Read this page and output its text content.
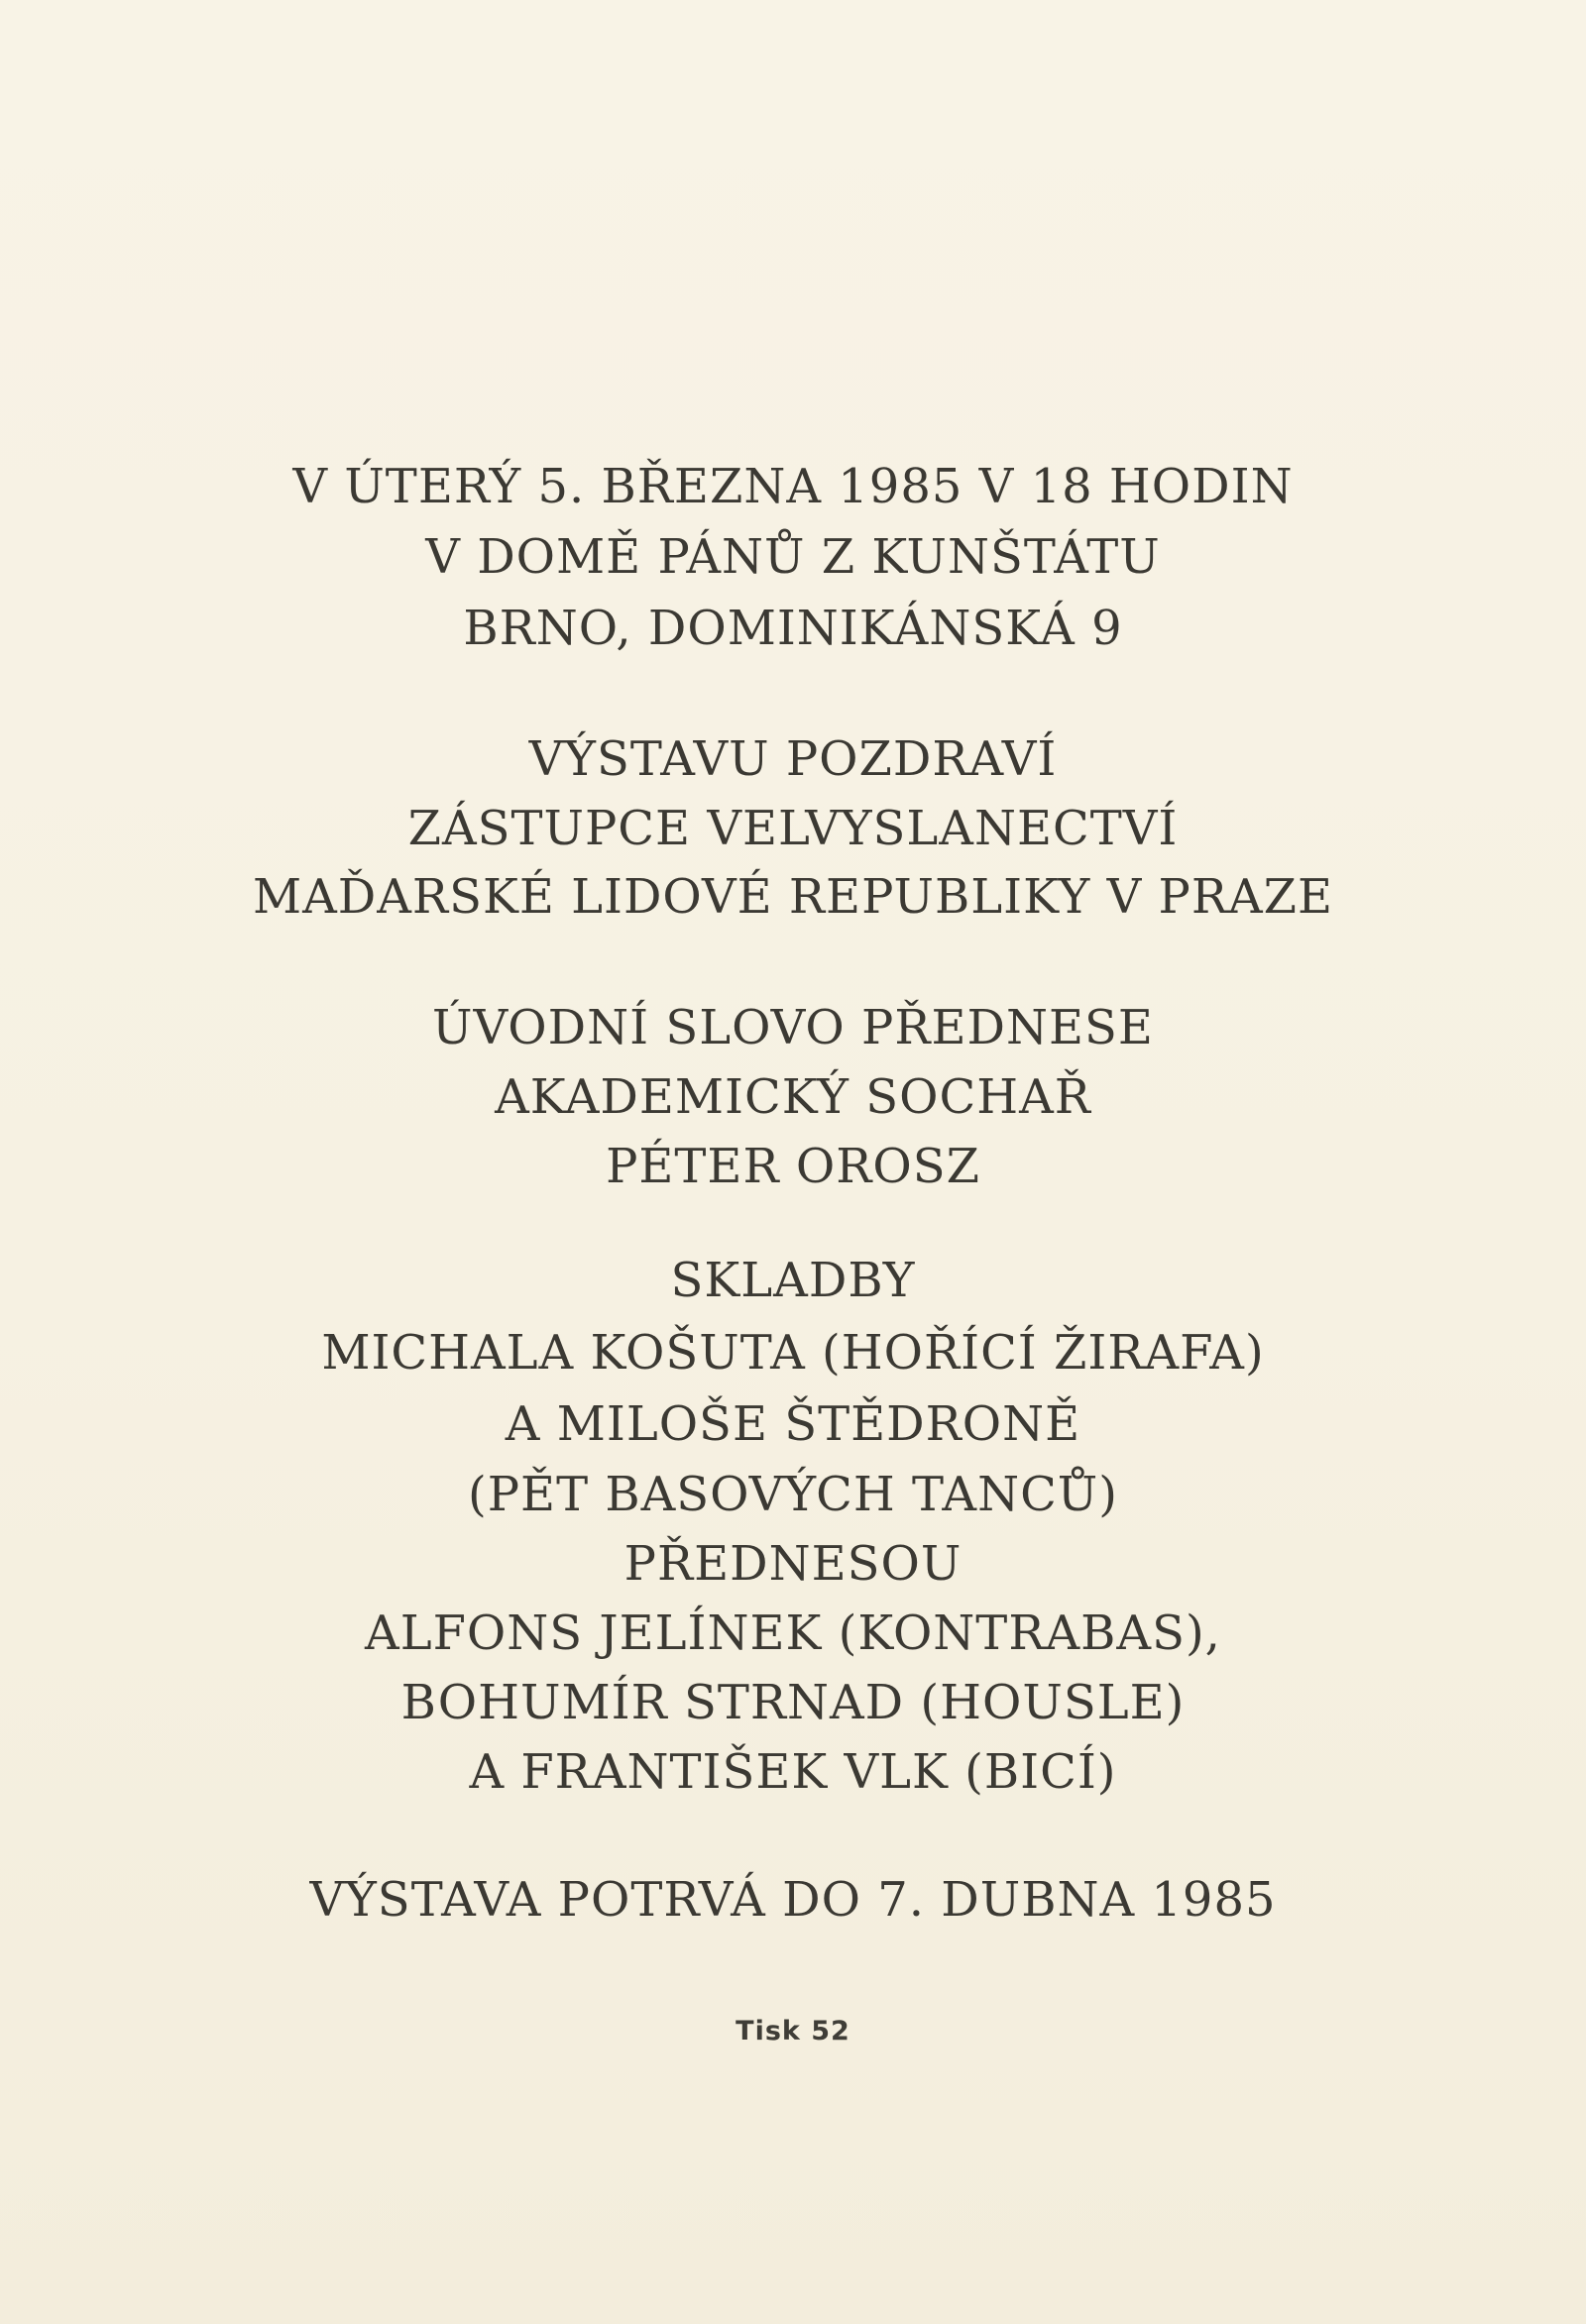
V ÚTERÝ 5. BŘEZNA 1985 V 18 HODIN
V DOMĚ PÁNŮ Z KUNŠTÁTU
BRNO, DOMINIKÁNSKÁ 9
VÝSTAVU POZDRAVÍ
ZÁSTUPCE VELVYSLANECTVÍ
MAĎARSKÉ LIDOVÉ REPUBLIKY V PRAZE
ÚVODNÍ SLOVO PŘEDNESE
AKADEMICKÝ SOCHAŘ
PÉTER OROSZ
SKLADBY
MICHALA KOŠUTA (HOŘÍCÍ ŽIRAFA)
A MILOŠE ŠTĚDRONĚ
(PĚT BASOVÝCH TANCŮ)
PŘEDNESOU
ALFONS JELÍNEK (KONTRABAS),
BOHUMÍR STRNAD (HOUSLE)
A FRANTIŠEK VLK (BICÍ)
VÝSTAVA POTRVÁ DO 7. DUBNA 1985
Tisk 52
